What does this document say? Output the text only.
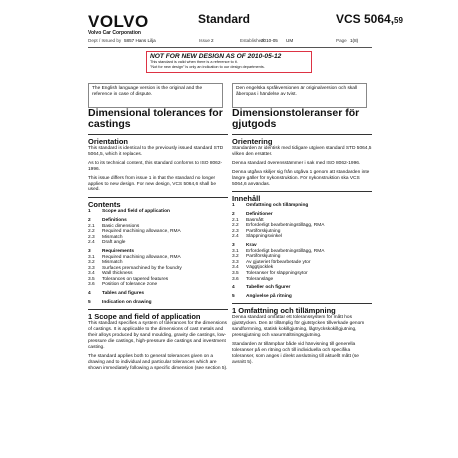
VOLVO
Volvo Car Corporation
Standard	VCS 5064,59
Dept / Issued by 5857 Hans Lilja	Issue 2	Established
2010-05 UM	Page 1(8)
NOT FOR NEW DESIGN AS OF 2010-05-12
This standard is valid when there is a reference to it.
"Not for new design" is only an indication to our design departments.
The English language version is the original and the reference in case of dispute.
Den engelska språkversionen är originalversion och skall åberopas i händelse av tvist.
Dimensional tolerances for castings
Orientation

This standard is identical to the previously issued standard STD 5064,5, which it replaces.

As to its technical content, this standard conforms to ISO 8062-1996.

This issue differs from issue 1 in that the standard no longer applies to new design. For new design, VCS 5064,6 shall be used.

Contents
1	Scope and field of application
2	Definitions
2.1	Basic dimensions
2.2	Required machining allowance, RMA
2.3	Mismatch
2.4	Draft angle
3	Requirements
3.1	Required machining allowance, RMA
3.2	Mismatch
3.3	Surfaces premachined by the foundry
3.4	Wall thickness
3.5	Tolerances on tapered features
3.6	Position of tolerance zone
4	Tables and figures
5	Indication on drawing
1 Scope and field of application

This standard specifies a system of tolerances for the dimensions of castings. It is applicable to the dimensions of cast metals and their alloys produced by sand moulding, gravity die castings, low-pressure die castings, high-pressure die castings and investment casting.

The standard applies both to general tolerances given on a drawing and to individual and particular tolerances which are shown immediately following a specific dimension (see section 5).

Dimensionstoleranser för gjutgods
Orientering

Standarden är identisk med tidigare utgiven standard STD 5064,5 vilken den ersätter.

Denna standard överensstämmer i sak med ISO 8062-1996.

Denna utgåva skiljer sig från utgåva 1 genom att standarden inte längre gäller för nykonstruktion. För nykonstruktion ska VCS 5064,6 användas.

Innehåll
1	Omfattning och tillämpning
2	Definitioner
2.1	Basmått
2.2	Erforderligt bearbetningstillägg, RMA
2.3	Partiförskjutning
2.4	Släppningsvinkel
3	Krav
3.1	Erforderligt bearbetningstillägg, RMA
3.2	Partiförskjutning
3.3	Av gjuteriet förbearbetade ytor
3.4	Väggtjocklek
3.5	Toleranser för släppningsytor
3.6	Toleransläge
4	Tabeller och figurer
5	Angivelse på ritning
1 Omfattning och tillämpning

Denna standard omfattar ett toleranssystem för mått hos gjutstycken. Den är tillämplig för gjutstycken tillverkade genom sandformning, statisk kokillgjutning, lågtryckskokillgjutning, pressgjutning och vaxurmältningsgjutning.

Standarden är tillämpbar både vid hänvisning till generella toleranser på en ritning och till individuella och specifika toleranser, som anges i direkt anslutning till aktuellt mått (se avsnitt 5).
